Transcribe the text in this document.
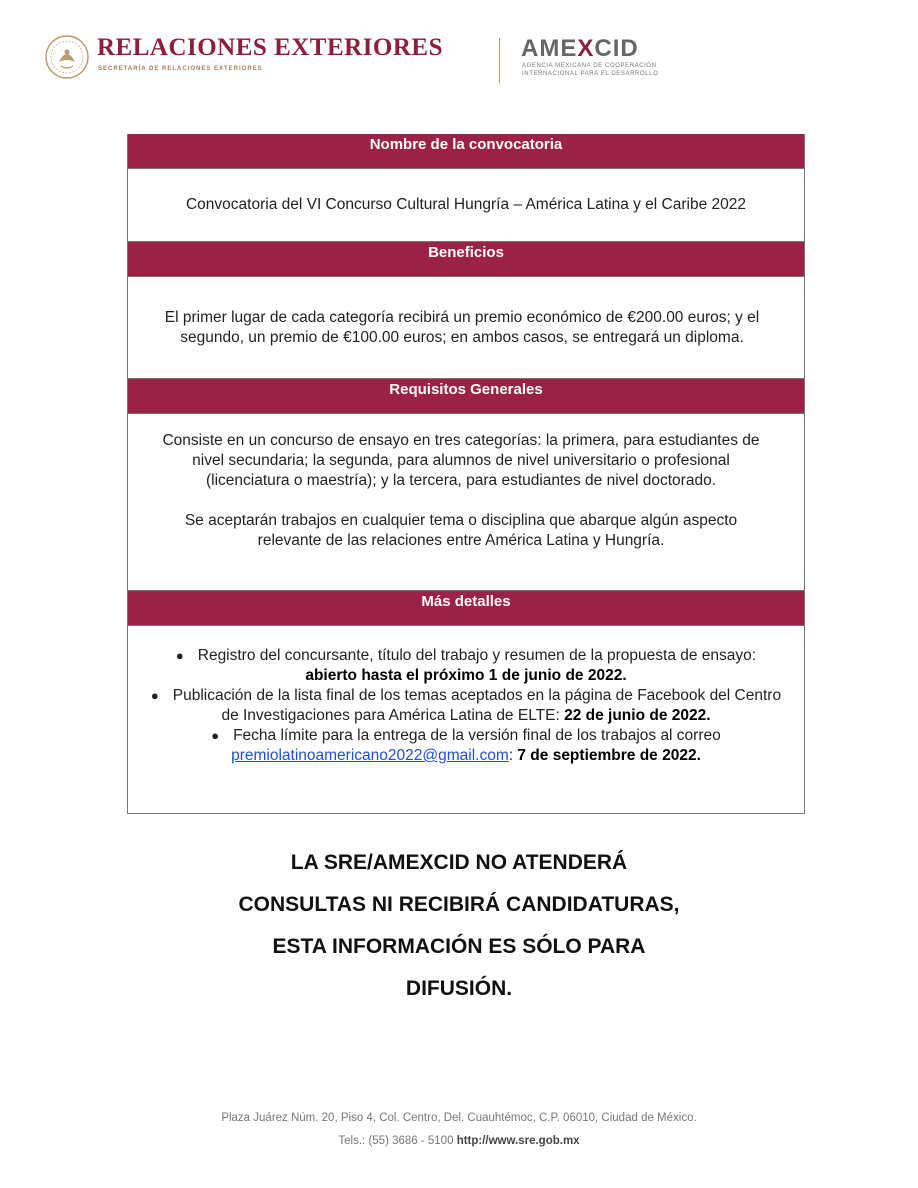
RELACIONES EXTERIORES
SECRETARÍA DE RELACIONES EXTERIORES
AMEXCID
AGENCIA MEXICANA DE COOPERACIÓN
INTERNACIONAL PARA EL DESARROLLO
Nombre de la convocatoria

Convocatoria del VI Concurso Cultural Hungría – América Latina y el Caribe 2022

Beneficios

El primer lugar de cada categoría recibirá un premio económico de €200.00 euros; y el segundo, un premio de €100.00 euros; en ambos casos, se entregará un diploma.

Requisitos Generales

Consiste en un concurso de ensayo en tres categorías: la primera, para estudiantes de nivel secundaria; la segunda, para alumnos de nivel universitario o profesional (licenciatura o maestría); y la tercera, para estudiantes de nivel doctorado.

Se aceptarán trabajos en cualquier tema o disciplina que abarque algún aspecto relevante de las relaciones entre América Latina y Hungría.

Más detalles
● Registro del concursante, título del trabajo y resumen de la propuesta de ensayo: abierto hasta el próximo 1 de junio de 2022.
● Publicación de la lista final de los temas aceptados en la página de Facebook del Centro de Investigaciones para América Latina de ELTE: 22 de junio de 2022.
● Fecha límite para la entrega de la versión final de los trabajos al correo premiolatinoamericano2022@gmail.com: 7 de septiembre de 2022.
LA SRE/AMEXCID NO ATENDERÁ
CONSULTAS NI RECIBIRÁ CANDIDATURAS,
ESTA INFORMACIÓN ES SÓLO PARA
DIFUSIÓN.
Plaza Juárez Núm. 20, Piso 4, Col. Centro, Del. Cuauhtémoc, C.P. 06010, Ciudad de México.
Tels.: (55) 3686 - 5100 http://www.sre.gob.mx
